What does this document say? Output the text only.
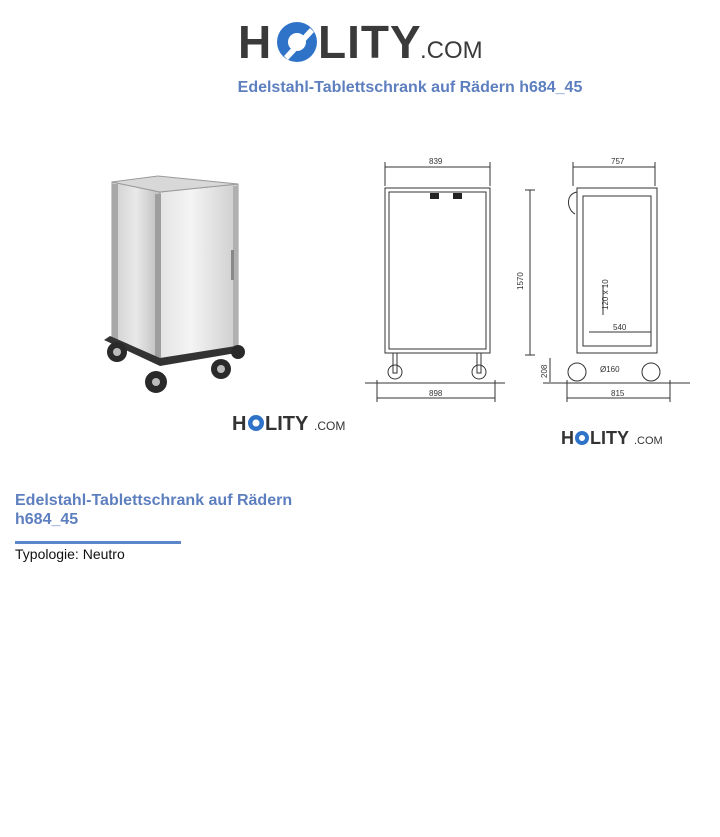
H LITY
.COM
Edelstahl-Tablettschrank auf Rädern h684_45
H LITY .COM
839
898
757
815
1570
208	Ø160
120 x 10
540
H LITY .COM
Edelstahl-Tablettschrank auf Rädern h684_45
Typologie: Neutro
